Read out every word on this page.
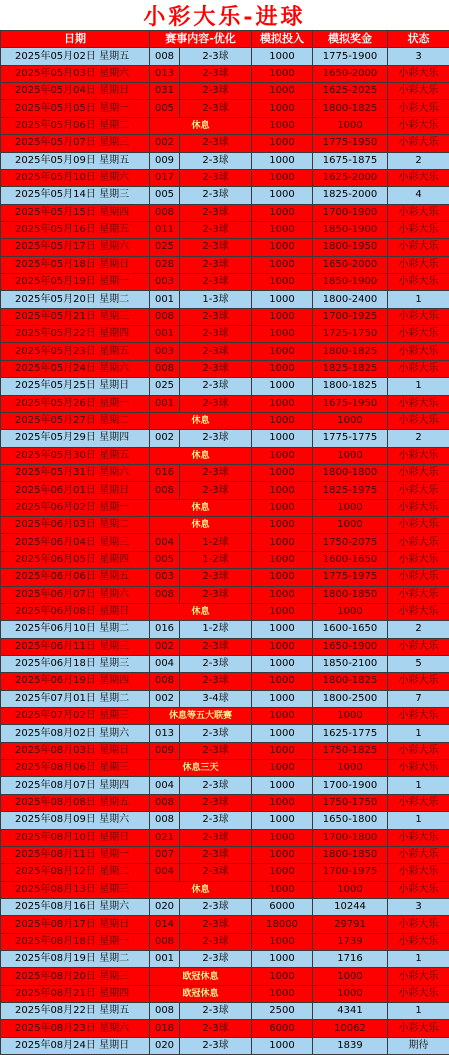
小彩大乐-进球
日期	赛事内容-优化		模拟投入	模拟奖金	状态
2025年05月02日 星期五	008	2-3球	1000	1775-1900	3
2025年05月03日 星期六	013	2-3球	1000	1650-2000	小彩大乐
2025年05月04日 星期日	031	2-3球	1000	1625-2025	小彩大乐
2025年05月05日 星期一	005	2-3球	1000	1800-1825	小彩大乐
2025年05月06日 星期二	休息		1000	1000	小彩大乐
2025年05月07日 星期三	002	2-3球	1000	1775-1950	小彩大乐
2025年05月09日 星期五	009	2-3球	1000	1675-1875	2
2025年05月10日 星期六	017	2-3球	1000	1625-2000	小彩大乐
2025年05月14日 星期三	005	2-3球	1000	1825-2000	4
2025年05月15日 星期四	008	2-3球	1000	1700-1900	小彩大乐
2025年05月16日 星期五	011	2-3球	1000	1850-1900	小彩大乐
2025年05月17日 星期六	025	2-3球	1000	1800-1950	小彩大乐
2025年05月18日 星期日	028	2-3球	1000	1650-2000	小彩大乐
2025年05月19日 星期一	003	2-3球	1000	1850-1900	小彩大乐
2025年05月20日 星期二	001	1-3球	1000	1800-2400	1
2025年05月21日 星期三	008	2-3球	1000	1700-1925	小彩大乐
2025年05月22日 星期四	001	2-3球	1000	1725-1750	小彩大乐
2025年05月23日 星期五	003	2-3球	1000	1800-1825	小彩大乐
2025年05月24日 星期六	008	2-3球	1000	1825-1825	小彩大乐
2025年05月25日 星期日	025	2-3球	1000	1800-1825	1
2025年05月26日 星期一	001	2-3球	1000	1675-1950	小彩大乐
2025年05月27日 星期二	休息		1000	1000	小彩大乐
2025年05月29日 星期四	002	2-3球	1000	1775-1775	2
2025年05月30日 星期五	休息		1000	1000	小彩大乐
2025年05月31日 星期六	016	2-3球	1000	1800-1800	小彩大乐
2025年06月01日 星期日	008	2-3球	1000	1825-1975	小彩大乐
2025年06月02日 星期一	休息		1000	1000	小彩大乐
2025年06月03日 星期二	休息		1000	1000	小彩大乐
2025年06月04日 星期三	004	1-2球	1000	1750-2075	小彩大乐
2025年06月05日 星期四	005	1-2球	1000	1600-1650	小彩大乐
2025年06月06日 星期五	003	2-3球	1000	1775-1975	小彩大乐
2025年06月07日 星期六	008	2-3球	1000	1800-1850	小彩大乐
2025年06月08日 星期日	休息		1000	1000	小彩大乐
2025年06月10日 星期二	016	1-2球	1000	1600-1650	2
2025年06月11日 星期三	002	2-3球	1000	1650-1900	小彩大乐
2025年06月18日 星期三	004	2-3球	1000	1850-2100	5
2025年06月19日 星期四	008	2-3球	1000	1800-1825	小彩大乐
2025年07月01日 星期二	002	3-4球	1000	1800-2500	7
2025年07月02日 星期三	休息等五大联赛		1000	1000	小彩大乐
2025年08月02日 星期六	013	2-3球	1000	1625-1775	1
2025年08月03日 星期日	009	2-3球	1000	1750-1825	小彩大乐
2025年08月06日 星期三	休息三天		1000	1000	小彩大乐
2025年08月07日 星期四	004	2-3球	1000	1700-1900	1
2025年08月08日 星期五	008	2-3球	1000	1750-1750	小彩大乐
2025年08月09日 星期六	008	2-3球	1000	1650-1800	1
2025年08月10日 星期日	021	2-3球	1000	1700-1800	小彩大乐
2025年08月11日 星期一	007	2-3球	1000	1800-1850	小彩大乐
2025年08月12日 星期二	004	2-3球	1000	1700-1975	小彩大乐
2025年08月13日 星期三	休息		1000	1000	小彩大乐
2025年08月16日 星期六	020	2-3球	6000	10244	3
2025年08月17日 星期日	014	2-3球	18000	29791	小彩大乐
2025年08月18日 星期一	008	2-3球	1000	1739	小彩大乐
2025年08月19日 星期二	001	2-3球	1000	1716	1
2025年08月20日 星期三	欧冠休息		1000	1000	小彩大乐
2025年08月21日 星期四	欧冠休息		1000	1000	小彩大乐
2025年08月22日 星期五	008	2-3球	2500	4341	1
2025年08月23日 星期六	018	2-3球	6000	10062	小彩大乐
2025年08月24日 星期日	020	2-3球	1000	1839	期待
